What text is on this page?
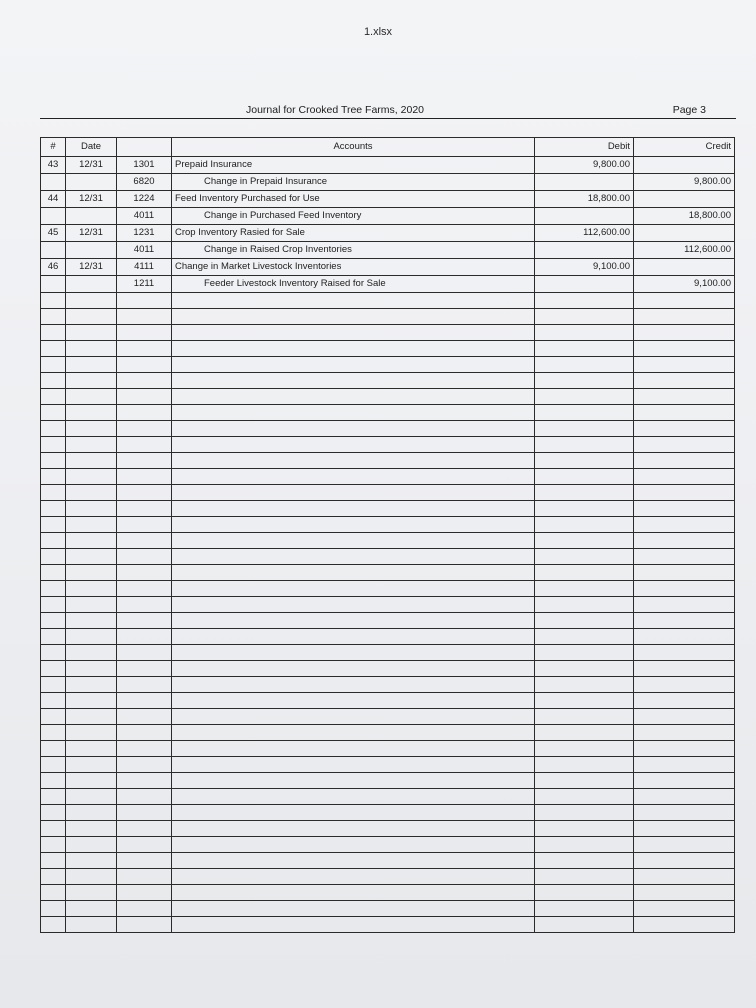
1.xlsx
Journal for Crooked Tree Farms, 2020	Page 3
#	Date		Accounts	Debit	Credit
43	12/31	1301	Prepaid Insurance	9,800.00	
		6820	Change in Prepaid Insurance		9,800.00
44	12/31	1224	Feed Inventory Purchased for Use	18,800.00	
		4011	Change in Purchased Feed Inventory		18,800.00
45	12/31	1231	Crop Inventory Rasied for Sale	112,600.00	
		4011	Change in Raised Crop Inventories		112,600.00
46	12/31	4111	Change in Market Livestock Inventories	9,100.00	
		1211	Feeder Livestock Inventory Raised for Sale		9,100.00
